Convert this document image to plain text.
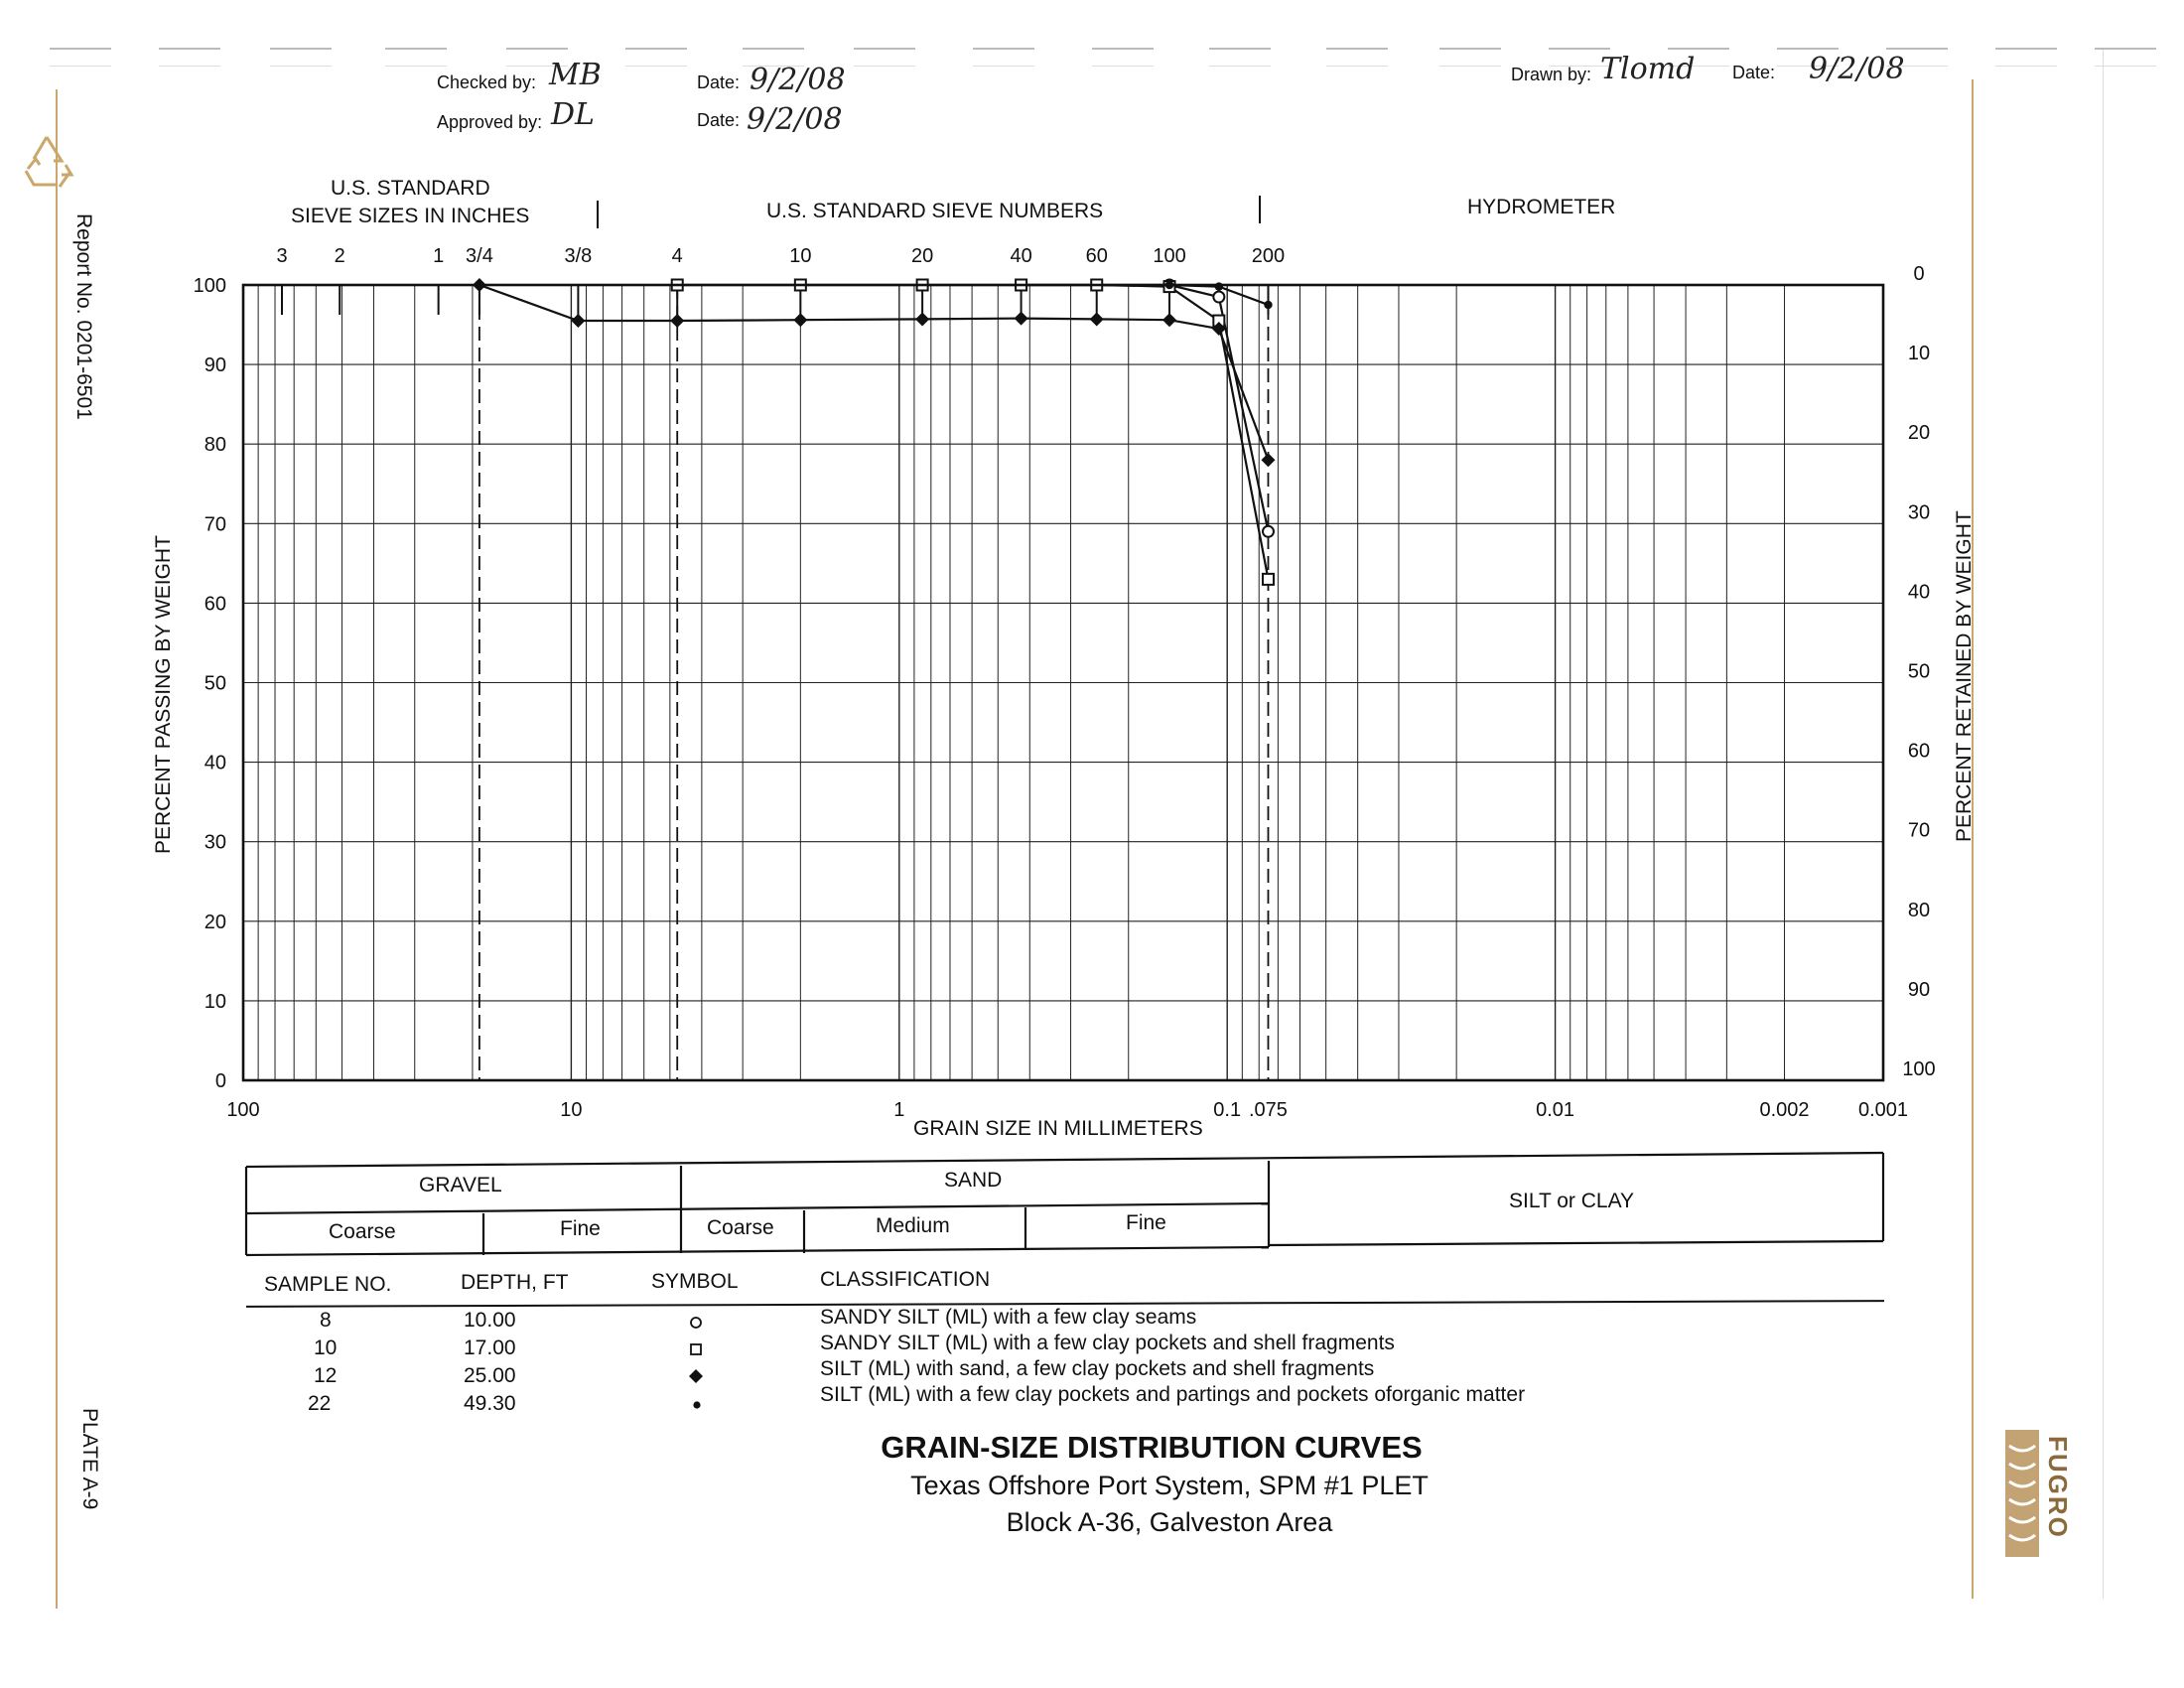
Report No. 0201-6501
PLATE A-9
Checked by: MB
Approved by: DL
Date: 9/2/08
Date: 9/2/08
Drawn by: Tlomd Date: 9/2/08
3 2	1 3/4	3/8	4	10	20	40	60 100	200
0
10
20
30
40
50
60
70
80
90
100
100
90
80
70
60
50
40
30
20
10
0
100	10	1	0.1 .075	0.01	0.002 0.001
U.S. STANDARD
SIEVE SIZES IN INCHES	U.S. STANDARD SIEVE NUMBERS	HYDROMETER
GRAIN SIZE IN MILLIMETERS
PERCENT PASSING BY WEIGHT	PERCENT RETAINED BY WEIGHT
GRAVEL	SAND
SILT or CLAY
Coarse	Fine	Coarse	Medium	Fine
SAMPLE NO.	DEPTH, FT	SYMBOL	CLASSIFICATION
8	10.00	SANDY SILT (ML) with a few clay seams
10	17.00	SANDY SILT (ML) with a few clay pockets and shell fragments
12	25.00	SILT (ML) with sand, a few clay pockets and shell fragments
22	49.30	SILT (ML) with a few clay pockets and partings and pockets oforganic matter
GRAIN-SIZE DISTRIBUTION CURVES
Texas Offshore Port System, SPM #1 PLET
Block A-36, Galveston Area	FUGRO
